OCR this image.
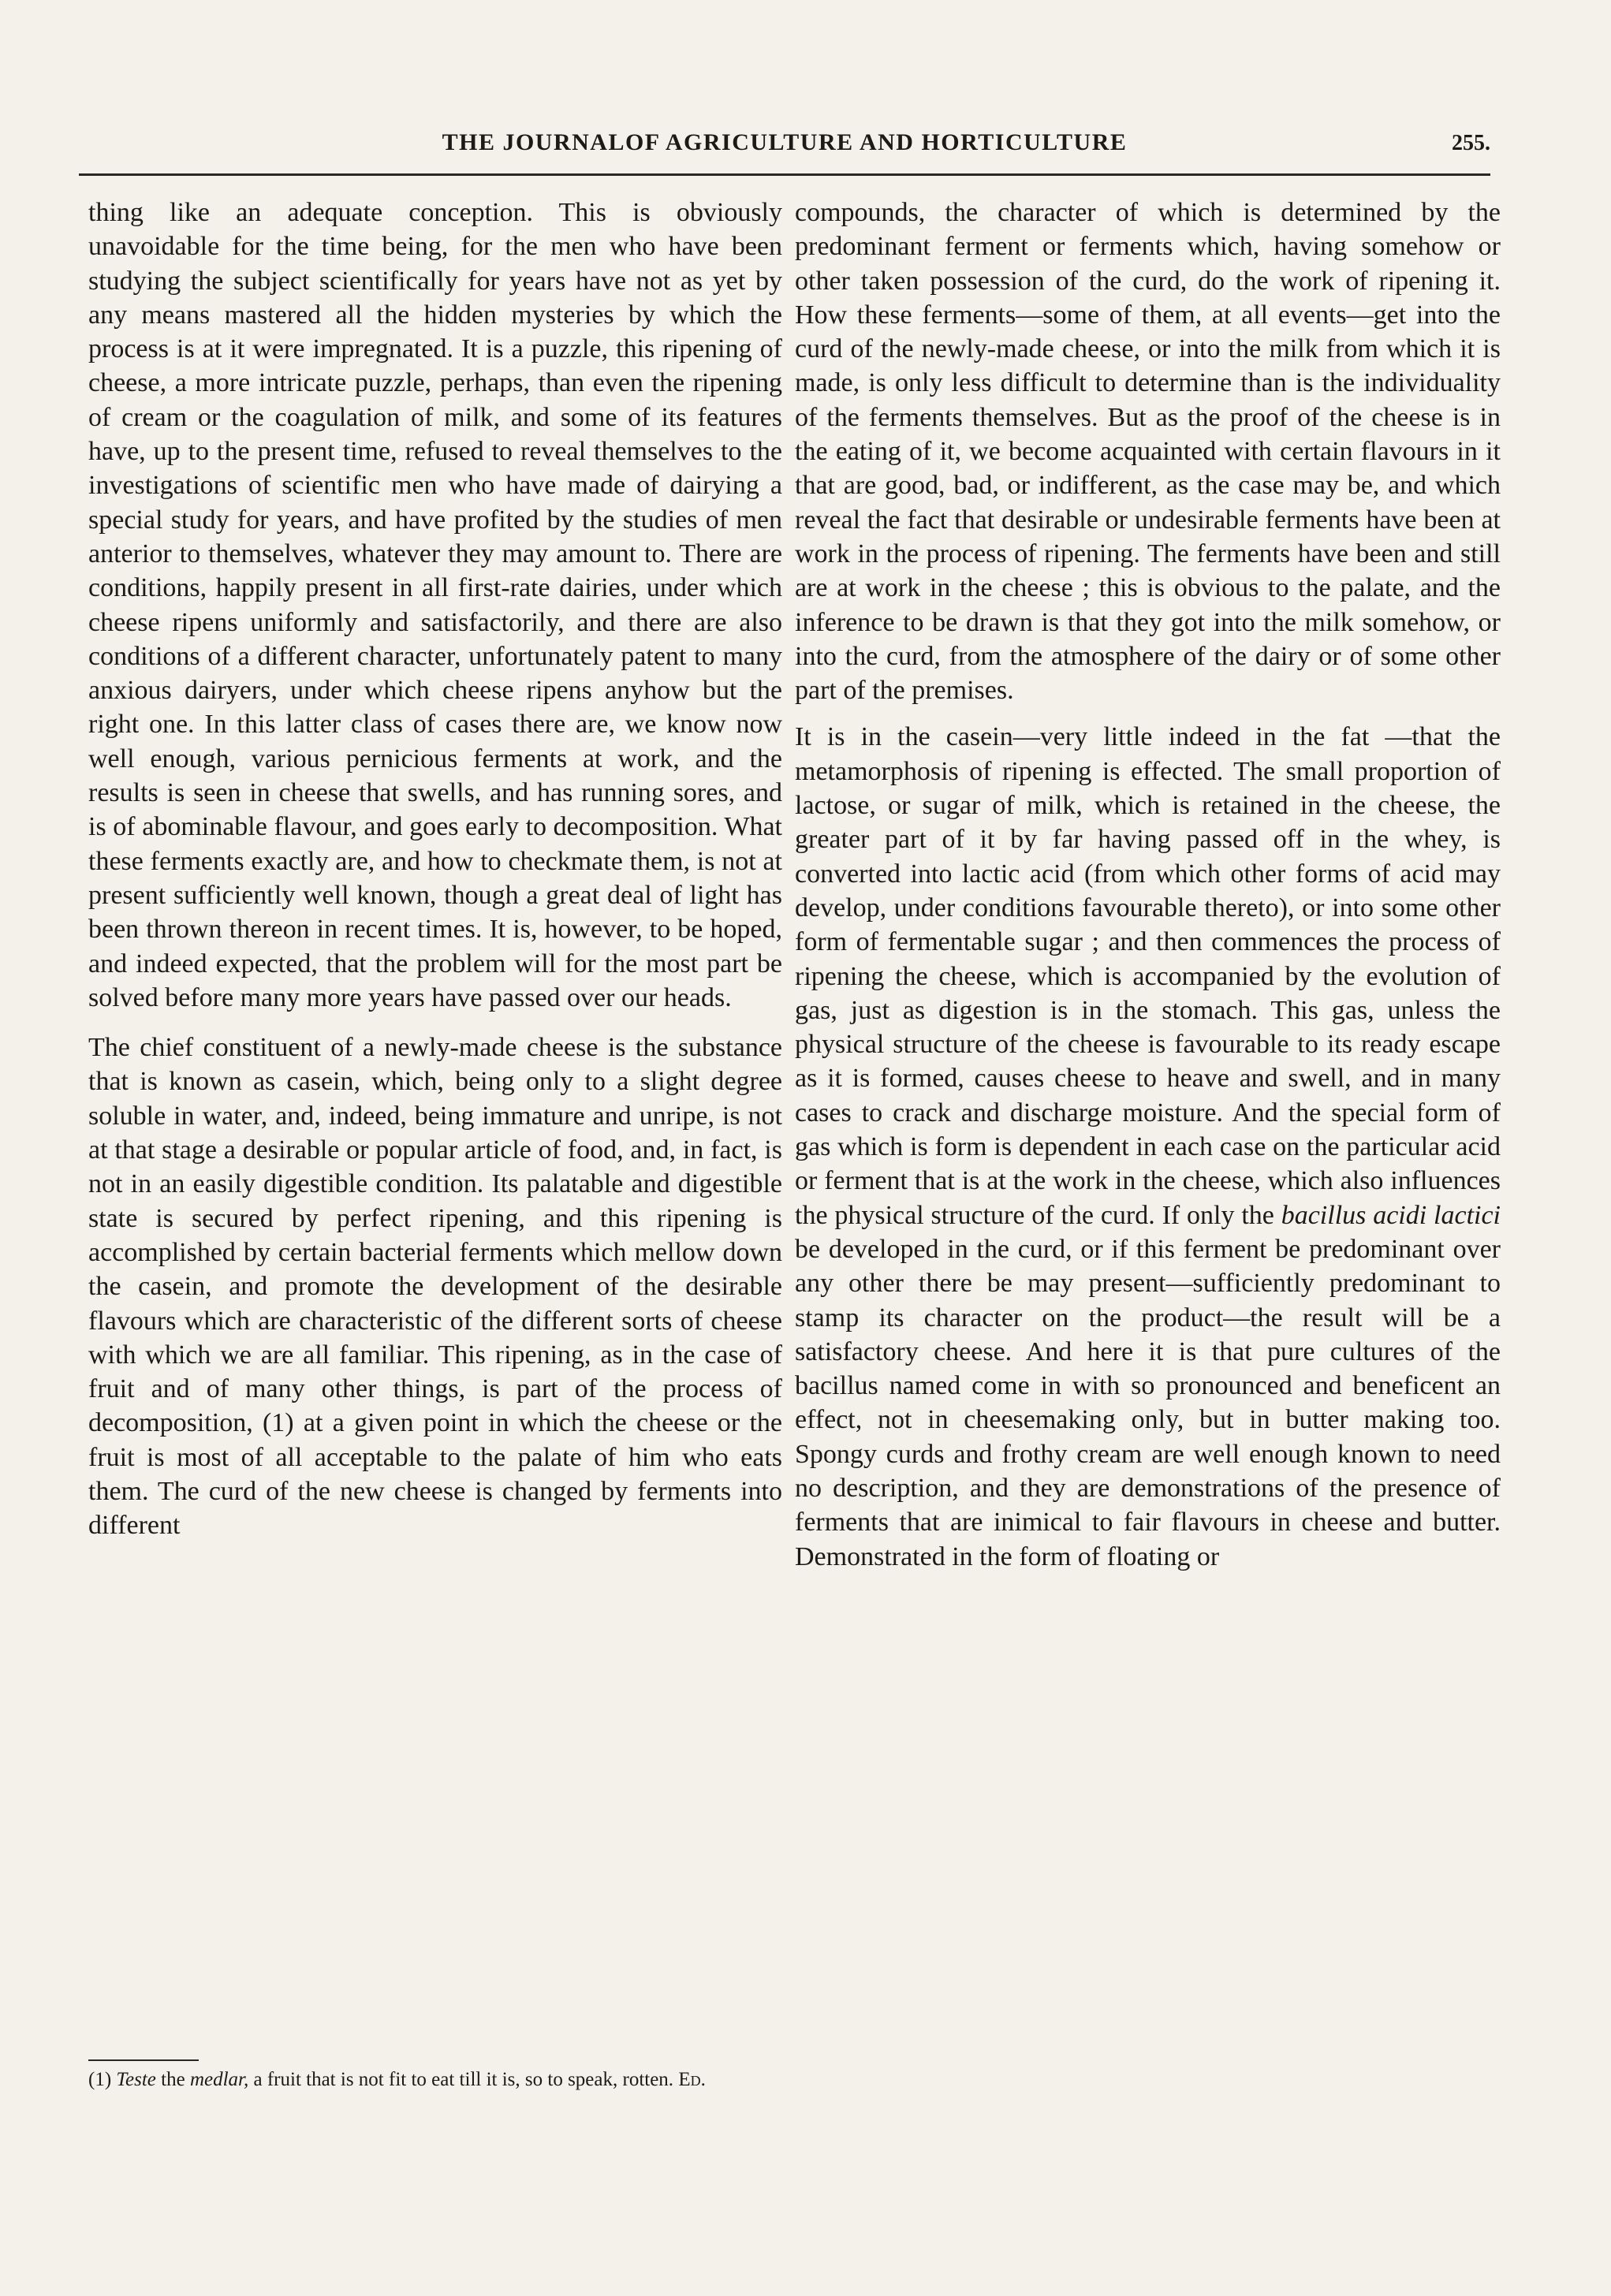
THE JOURNALOF AGRICULTURE AND HORTICULTURE	255.

thing like an adequate conception. This is obviously unavoidable for the time being, for the men who have been studying the subject scientifically for years have not as yet by any means mastered all the hidden mysteries by which the process is at it were impregnated. It is a puzzle, this ripening of cheese, a more intricate puzzle, perhaps, than even the ripening of cream or the coagulation of milk, and some of its features have, up to the present time, refused to reveal themselves to the investigations of scientific men who have made of dairying a special study for years, and have profited by the studies of men anterior to themselves, whatever they may amount to. There are conditions, happily present in all first-rate dairies, under which cheese ripens uniformly and satisfactorily, and there are also conditions of a different character, unfortunately patent to many anxious dairyers, under which cheese ripens anyhow but the right one. In this latter class of cases there are, we know now well enough, various pernicious ferments at work, and the results is seen in cheese that swells, and has running sores, and is of abominable flavour, and goes early to decomposition. What these ferments exactly are, and how to checkmate them, is not at present sufficiently well known, though a great deal of light has been thrown thereon in recent times. It is, however, to be hoped, and indeed expected, that the problem will for the most part be solved before many more years have passed over our heads.

The chief constituent of a newly-made cheese is the substance that is known as casein, which, being only to a slight degree soluble in water, and, indeed, being immature and unripe, is not at that stage a desirable or popular article of food, and, in fact, is not in an easily digestible condition. Its palatable and digestible state is secured by perfect ripening, and this ripening is accomplished by certain bacterial ferments which mellow down the casein, and promote the development of the desirable flavours which are characteristic of the different sorts of cheese with which we are all familiar. This ripening, as in the case of fruit and of many other things, is part of the process of decomposition, (1) at a given point in which the cheese or the fruit is most of all acceptable to the palate of him who eats them. The curd of the new cheese is changed by ferments into different

compounds, the character of which is determined by the predominant ferment or ferments which, having somehow or other taken possession of the curd, do the work of ripening it. How these ferments—some of them, at all events—get into the curd of the newly-made cheese, or into the milk from which it is made, is only less difficult to determine than is the individuality of the ferments themselves. But as the proof of the cheese is in the eating of it, we become acquainted with certain flavours in it that are good, bad, or indifferent, as the case may be, and which reveal the fact that desirable or undesirable ferments have been at work in the process of ripening. The ferments have been and still are at work in the cheese ; this is obvious to the palate, and the inference to be drawn is that they got into the milk somehow, or into the curd, from the atmosphere of the dairy or of some other part of the premises.

It is in the casein—very little indeed in the fat —that the metamorphosis of ripening is effected. The small proportion of lactose, or sugar of milk, which is retained in the cheese, the greater part of it by far having passed off in the whey, is converted into lactic acid (from which other forms of acid may develop, under conditions favourable thereto), or into some other form of fermentable sugar ; and then commences the process of ripening the cheese, which is accompanied by the evolution of gas, just as digestion is in the stomach. This gas, unless the physical structure of the cheese is favourable to its ready escape as it is formed, causes cheese to heave and swell, and in many cases to crack and discharge moisture. And the special form of gas which is form is dependent in each case on the particular acid or ferment that is at the work in the cheese, which also influences the physical structure of the curd. If only the bacillus acidi lactici be developed in the curd, or if this ferment be predominant over any other there be may present—sufficiently predominant to stamp its character on the product—the result will be a satisfactory cheese. And here it is that pure cultures of the bacillus named come in with so pronounced and beneficent an effect, not in cheesemaking only, but in butter making too. Spongy curds and frothy cream are well enough known to need no description, and they are demonstrations of the presence of ferments that are inimical to fair flavours in cheese and butter. Demonstrated in the form of floating or

(1) Teste the medlar, a fruit that is not fit to eat till it is, so to speak, rotten. Ed.
